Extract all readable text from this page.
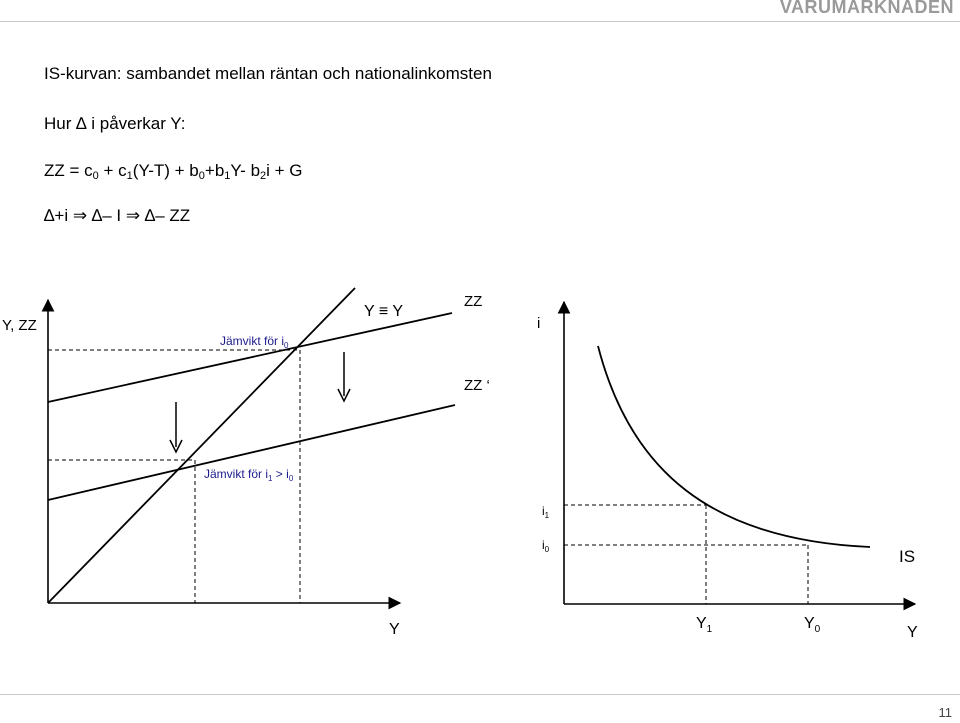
VARUMARKNADEN
IS-kurvan: sambandet mellan räntan och nationalinkomsten
Hur ∆ i påverkar Y:
ZZ = $c_0 + c_1(Y-T) + b_0+b_1Y-$ $b_2i + G$
∆+i ⇒ ∆– I ⇒ ∆– ZZ
Y, ZZ
Y
Y ≡ Y
ZZ
ZZ ‘
Jämvikt för $i_0$
Jämvikt för $i_1 > i_0$
i
Y
$i_1$
$i_0$
$Y_1$	$Y_0$
IS
11
